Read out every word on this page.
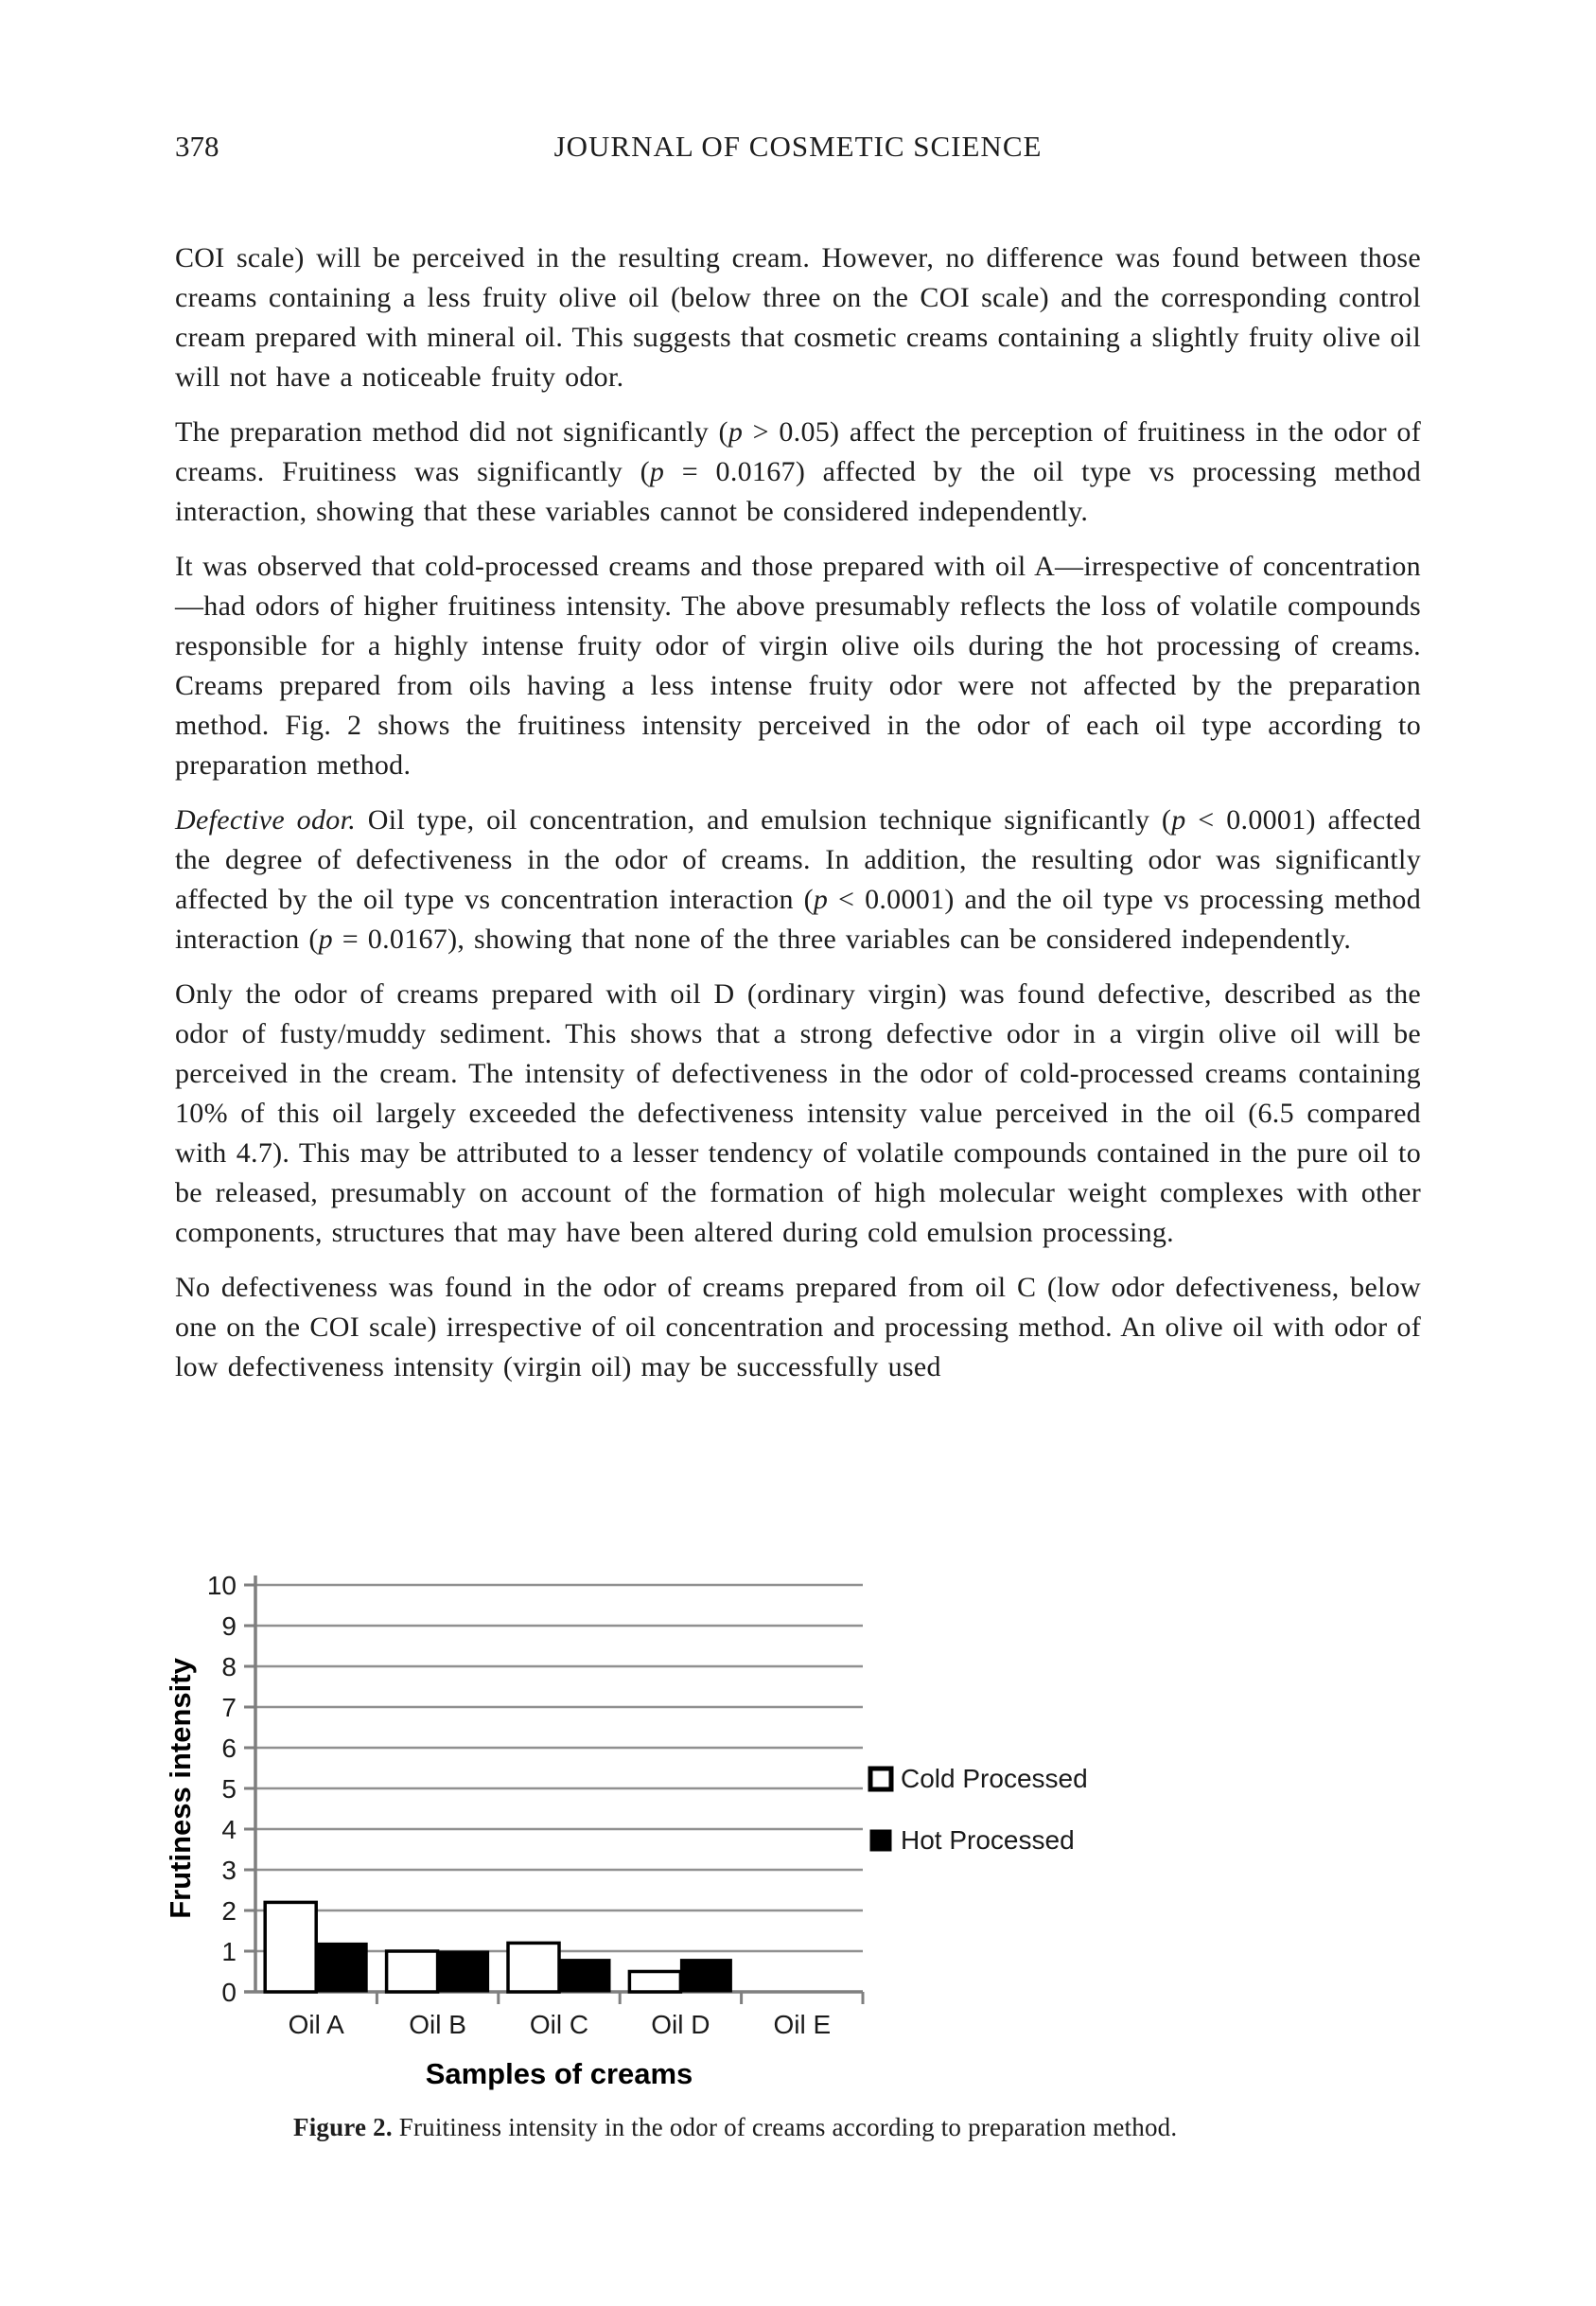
378	JOURNAL OF COSMETIC SCIENCE

COI scale) will be perceived in the resulting cream. However, no difference was found between those creams containing a less fruity olive oil (below three on the COI scale) and the corresponding control cream prepared with mineral oil. This suggests that cosmetic creams containing a slightly fruity olive oil will not have a noticeable fruity odor.

The preparation method did not significantly (p > 0.05) affect the perception of fruitiness in the odor of creams. Fruitiness was significantly (p = 0.0167) affected by the oil type vs processing method interaction, showing that these variables cannot be considered independently.

It was observed that cold-processed creams and those prepared with oil A—irrespective of concentration—had odors of higher fruitiness intensity. The above presumably reflects the loss of volatile compounds responsible for a highly intense fruity odor of virgin olive oils during the hot processing of creams. Creams prepared from oils having a less intense fruity odor were not affected by the preparation method. Fig. 2 shows the fruitiness intensity perceived in the odor of each oil type according to preparation method.

Defective odor. Oil type, oil concentration, and emulsion technique significantly (p < 0.0001) affected the degree of defectiveness in the odor of creams. In addition, the resulting odor was significantly affected by the oil type vs concentration interaction (p < 0.0001) and the oil type vs processing method interaction (p = 0.0167), showing that none of the three variables can be considered independently.

Only the odor of creams prepared with oil D (ordinary virgin) was found defective, described as the odor of fusty/muddy sediment. This shows that a strong defective odor in a virgin olive oil will be perceived in the cream. The intensity of defectiveness in the odor of cold-processed creams containing 10% of this oil largely exceeded the defectiveness intensity value perceived in the oil (6.5 compared with 4.7). This may be attributed to a lesser tendency of volatile compounds contained in the pure oil to be released, presumably on account of the formation of high molecular weight complexes with other components, structures that may have been altered during cold emulsion processing.

No defectiveness was found in the odor of creams prepared from oil C (low odor defectiveness, below one on the COI scale) irrespective of oil concentration and processing method. An olive oil with odor of low defectiveness intensity (virgin oil) may be successfully used

0
1
2
3
4
5
6
7
8
9
10
Oil A Oil B Oil C Oil D Oil E
Frutiness intensity
Samples of creams
Cold Processed
Hot Processed
Figure 2. Fruitiness intensity in the odor of creams according to preparation method.
